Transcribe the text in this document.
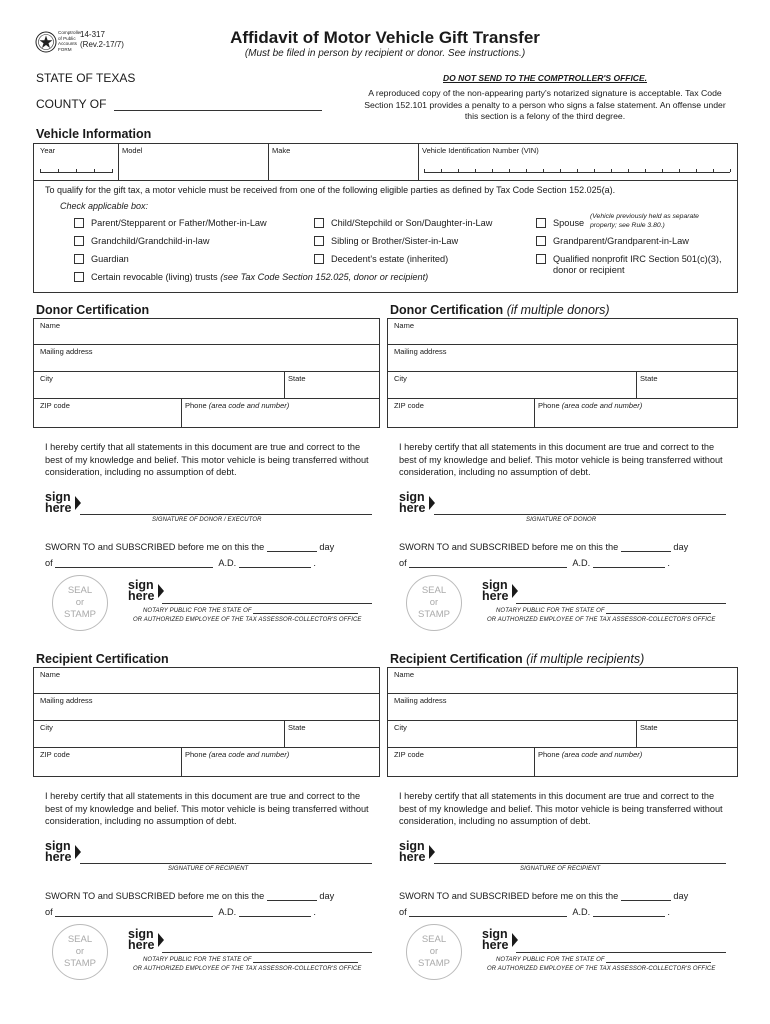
Comptroller
of Public
Accounts
FORM
14-317
(Rev.2-17/7)	Affidavit of Motor Vehicle Gift Transfer
(Must be filed in person by recipient or donor. See instructions.)
STATE OF TEXAS
COUNTY OF
DO NOT SEND TO THE COMPTROLLER'S OFFICE.
A reproduced copy of the non-appearing party's notarized signature is acceptable. Tax Code Section 152.101 provides a penalty to a person who signs a false statement. An offense under this section is a felony of the third degree.
Vehicle Information
Year	Model	Make	Vehicle Identification Number (VIN)
To qualify for the gift tax, a motor vehicle must be received from one of the following eligible parties as defined by Tax Code Section 152.025(a).
Check applicable box:
Parent/Stepparent or Father/Mother-in-Law	Child/Stepchild or Son/Daughter-in-Law	Spouse
(Vehicle previously held as separate property; see Rule 3.80.)
Grandchild/Grandchild-in-law	Sibling or Brother/Sister-in-Law	Grandparent/Grandparent-in-Law
Guardian	Decedent's estate (inherited)	Qualified nonprofit IRC Section 501(c)(3), donor or recipient
Certain revocable (living) trusts (see Tax Code Section 152.025, donor or recipient)
Donor Certification
Name
Mailing address
City	State
ZIP code	Phone (area code and number)
I hereby certify that all statements in this document are true and correct to the best of my knowledge and belief. This motor vehicle is being transferred without consideration, including no assumption of debt.
sign
here
SIGNATURE OF DONOR / EXECUTOR
SWORN TO and SUBSCRIBED before me on this the	day
of	A.D.	.
SEAL
or
STAMP
sign
here
NOTARY PUBLIC FOR THE STATE OF
OR AUTHORIZED EMPLOYEE OF THE TAX ASSESSOR-COLLECTOR'S OFFICE
Donor Certification (if multiple donors)
Name
Mailing address
City	State
ZIP code	Phone (area code and number)
I hereby certify that all statements in this document are true and correct to the best of my knowledge and belief. This motor vehicle is being transferred without consideration, including no assumption of debt.
sign
here
SIGNATURE OF DONOR
SWORN TO and SUBSCRIBED before me on this the	day
of	A.D.	.
SEAL
or
STAMP
sign
here
NOTARY PUBLIC FOR THE STATE OF
OR AUTHORIZED EMPLOYEE OF THE TAX ASSESSOR-COLLECTOR'S OFFICE
Recipient Certification
Name
Mailing address
City	State
ZIP code	Phone (area code and number)
I hereby certify that all statements in this document are true and correct to the best of my knowledge and belief. This motor vehicle is being transferred without consideration, including no assumption of debt.
sign
here
SIGNATURE OF RECIPIENT
SWORN TO and SUBSCRIBED before me on this the	day
of	A.D.	.
SEAL
or
STAMP
sign
here
NOTARY PUBLIC FOR THE STATE OF
OR AUTHORIZED EMPLOYEE OF THE TAX ASSESSOR-COLLECTOR'S OFFICE
Recipient Certification (if multiple recipients)
Name
Mailing address
City	State
ZIP code	Phone (area code and number)
I hereby certify that all statements in this document are true and correct to the best of my knowledge and belief. This motor vehicle is being transferred without consideration, including no assumption of debt.
sign
here
SIGNATURE OF RECIPIENT
SWORN TO and SUBSCRIBED before me on this the	day
of	A.D.	.
SEAL
or
STAMP
sign
here
NOTARY PUBLIC FOR THE STATE OF
OR AUTHORIZED EMPLOYEE OF THE TAX ASSESSOR-COLLECTOR'S OFFICE
